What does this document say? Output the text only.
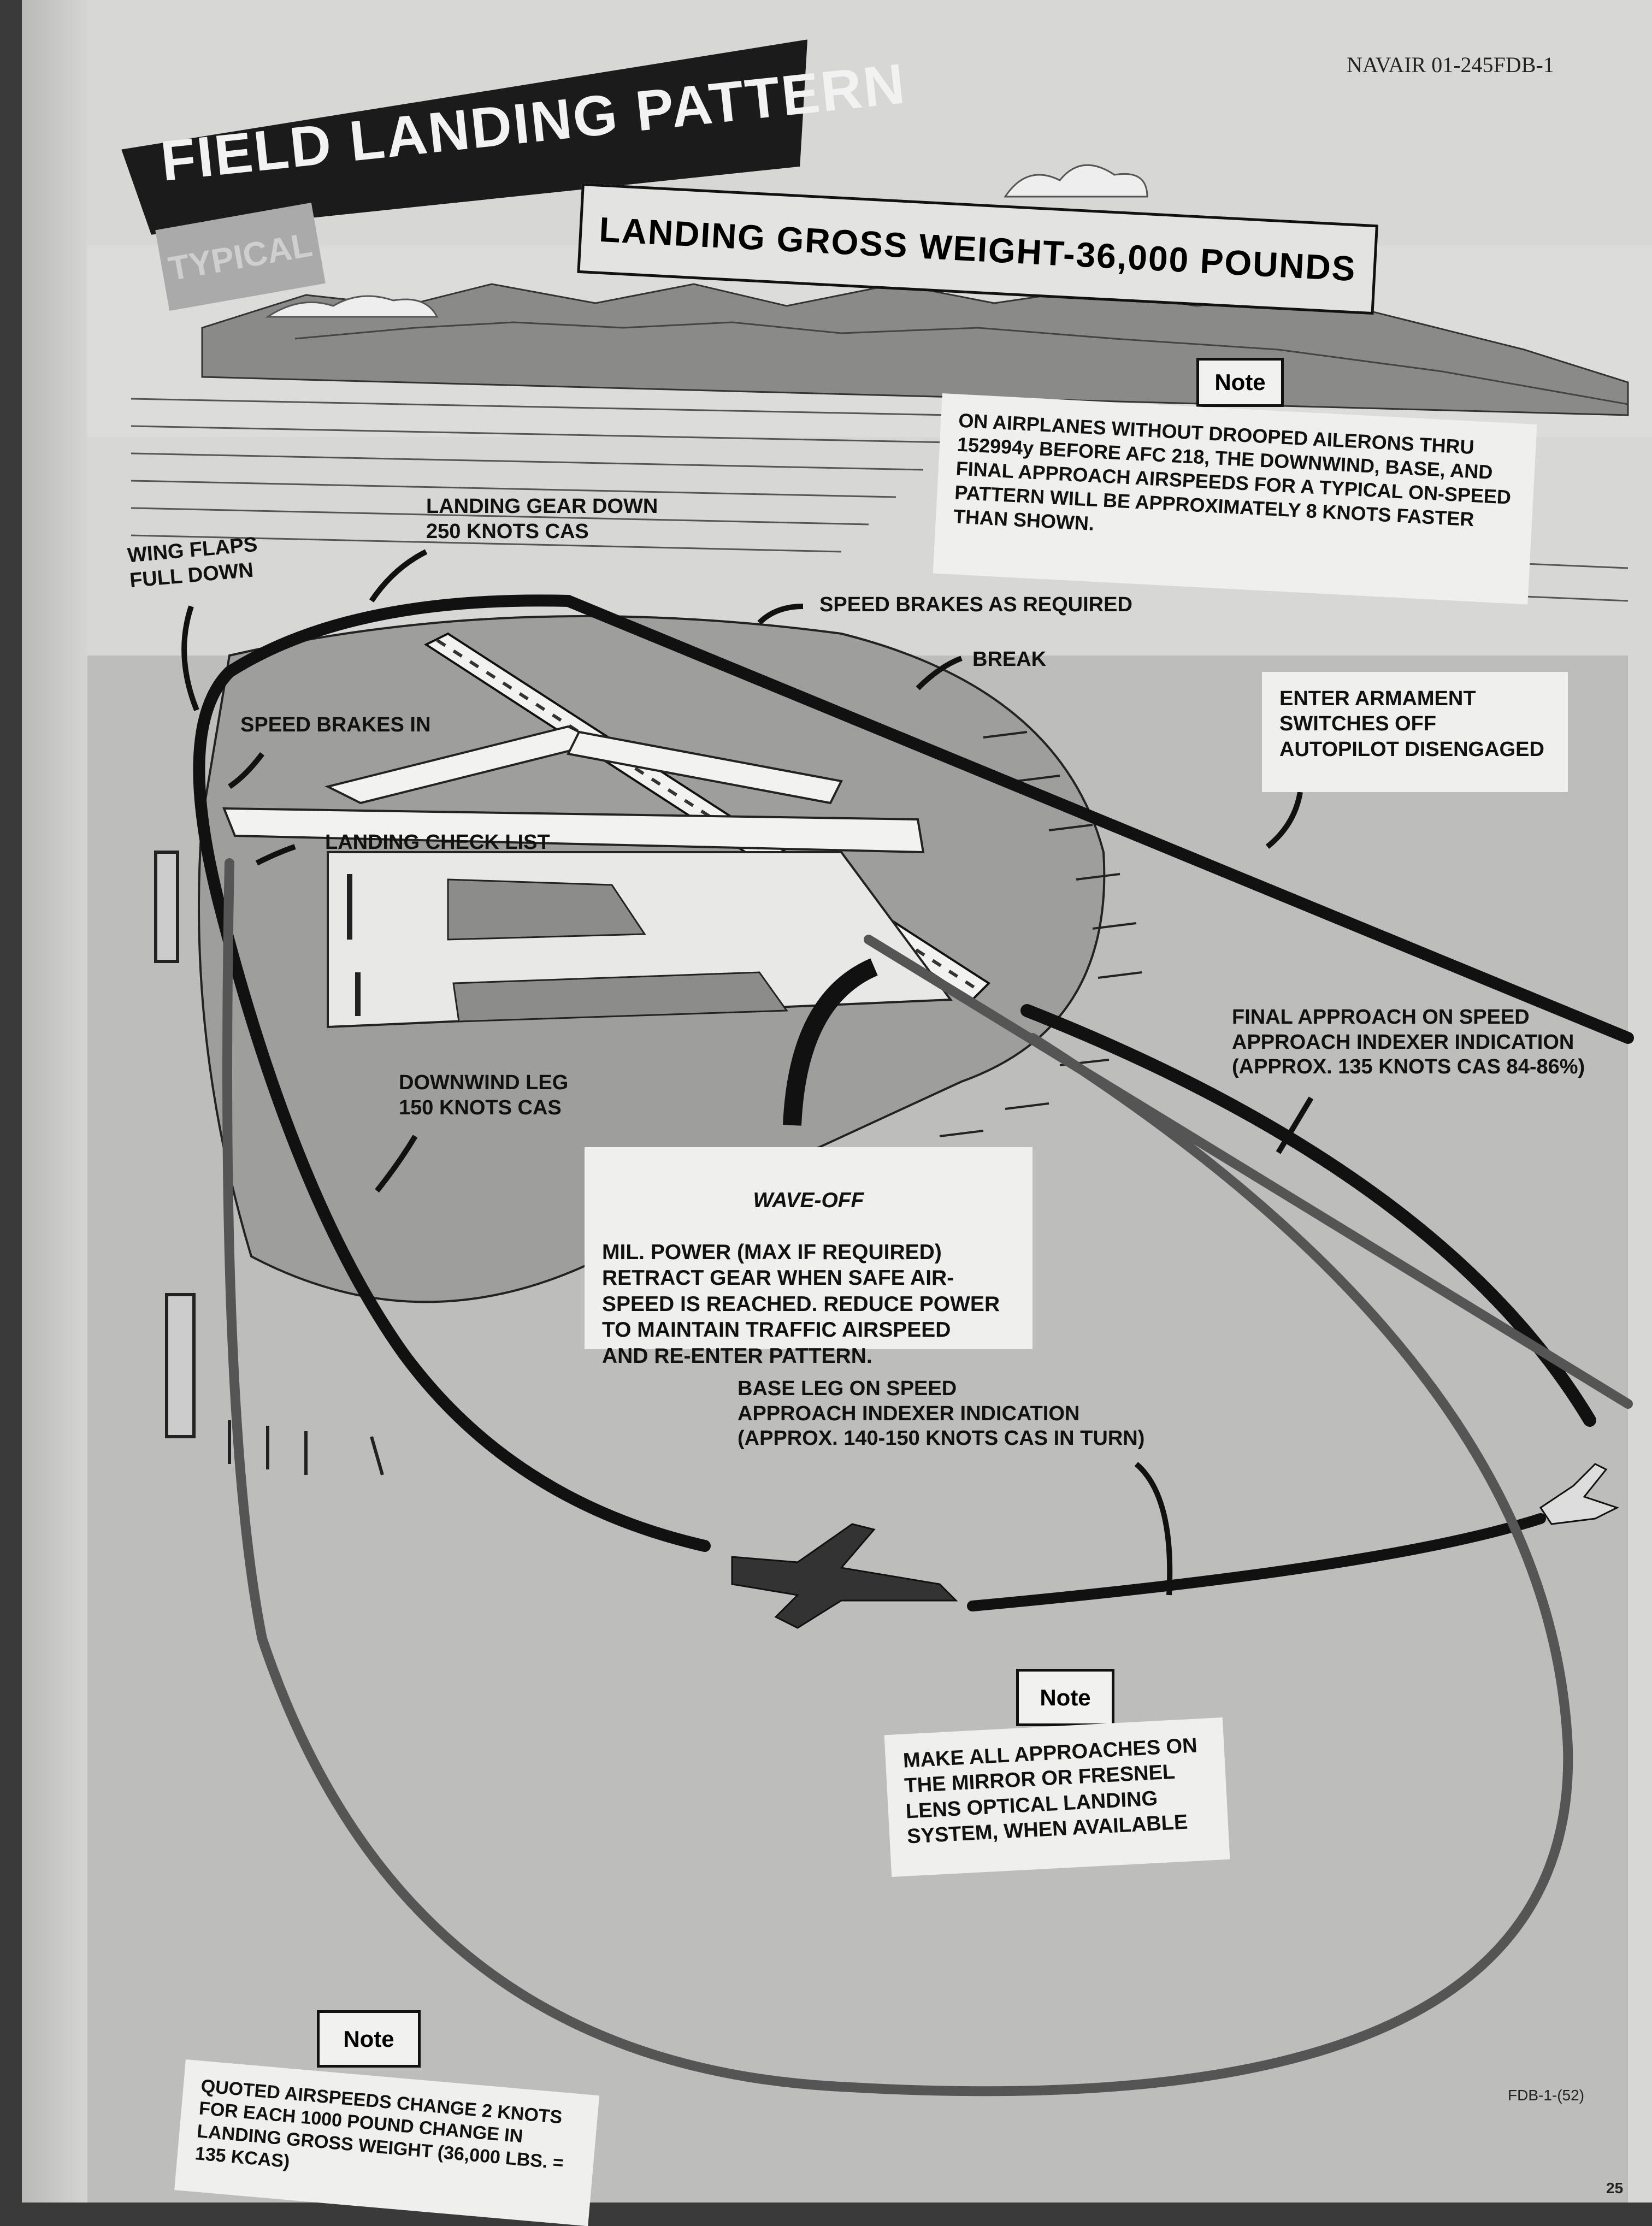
NAVAIR 01-245FDB-1
FIELD LANDING PATTERN
TYPICAL	LANDING GROSS WEIGHT-36,000 POUNDS
Note
ON AIRPLANES WITHOUT DROOPED AILERONS THRU 152994y BEFORE AFC 218, THE DOWNWIND, BASE, AND FINAL APPROACH AIRSPEEDS FOR A TYPICAL ON-SPEED PATTERN WILL BE APPROXIMATELY 8 KNOTS FASTER THAN SHOWN.
LANDING GEAR DOWN
250 KNOTS CAS
WING FLAPS
FULL DOWN
SPEED BRAKES AS REQUIRED
BREAK
ENTER ARMAMENT SWITCHES OFF AUTOPILOT DISENGAGED
SPEED BRAKES IN
LANDING CHECK LIST
FINAL APPROACH ON SPEED
APPROACH INDEXER INDICATION
(APPROX. 135 KNOTS CAS 84-86%)
DOWNWIND LEG
150 KNOTS CAS

WAVE-OFF

MIL. POWER (MAX IF REQUIRED)
RETRACT GEAR WHEN SAFE AIR-
SPEED IS REACHED. REDUCE POWER
TO MAINTAIN TRAFFIC AIRSPEED
AND RE-ENTER PATTERN.

BASE LEG ON SPEED
APPROACH INDEXER INDICATION
(APPROX. 140-150 KNOTS CAS IN TURN)
Note
MAKE ALL APPROACHES ON THE MIRROR OR FRESNEL LENS OPTICAL LANDING SYSTEM, WHEN AVAILABLE
Note
QUOTED AIRSPEEDS CHANGE 2 KNOTS FOR EACH 1000 POUND CHANGE IN LANDING GROSS WEIGHT (36,000 LBS. = 135 KCAS)
FDB-1-(52)
25
